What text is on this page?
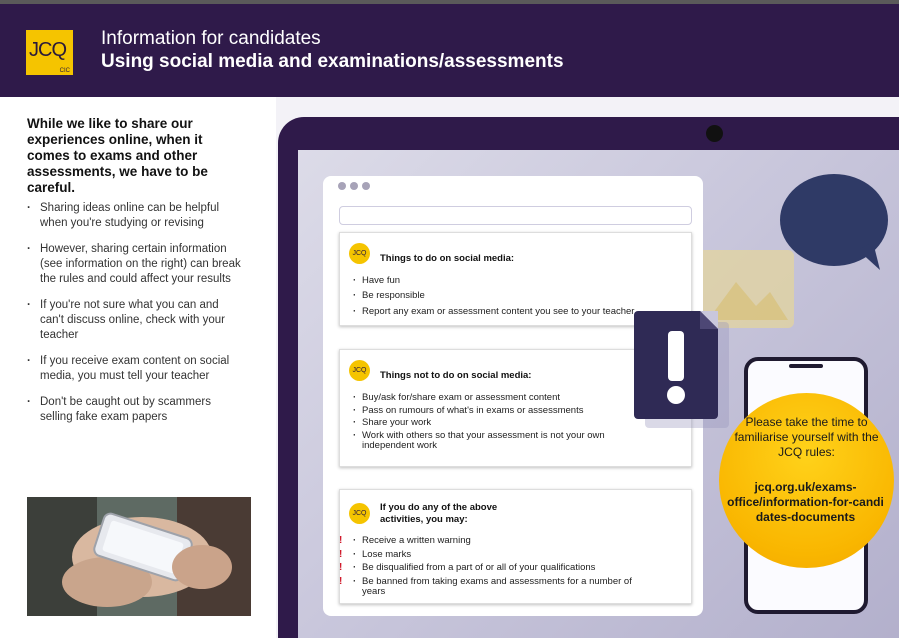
JCQ
CIC
Information for candidates
Using social media and examinations/assessments
While we like to share our experiences online, when it comes to exams and other assessments, we have to be careful.
· Sharing ideas online can be helpful when you're studying or revising
· However, sharing certain information (see information on the right) can break the rules and could affect your results
· If you're not sure what you can and can't discuss online, check with your teacher
· If you receive exam content on social media, you must tell your teacher
· Don't be caught out by scammers selling fake exam papers
JCQ	Things to do on social media:
· Have fun
· Be responsible
· Report any exam or assessment content you see to your teacher
JCQ	Things not to do on social media:
· Buy/ask for/share exam or assessment content
· Pass on rumours of what's in exams or assessments
· Share your work
· Work with others so that your assessment is not your own independent work
JCQ
If you do any of the above activities, you may:
· ! Receive a written warning
· ! Lose marks
· ! Be disqualified from a part of or all of your qualifications
· ! Be banned from taking exams and assessments for a number of years
Please take the time to familiarise yourself with the JCQ rules:
jcq.org.uk/exams-office/information-for-candi dates-documents
